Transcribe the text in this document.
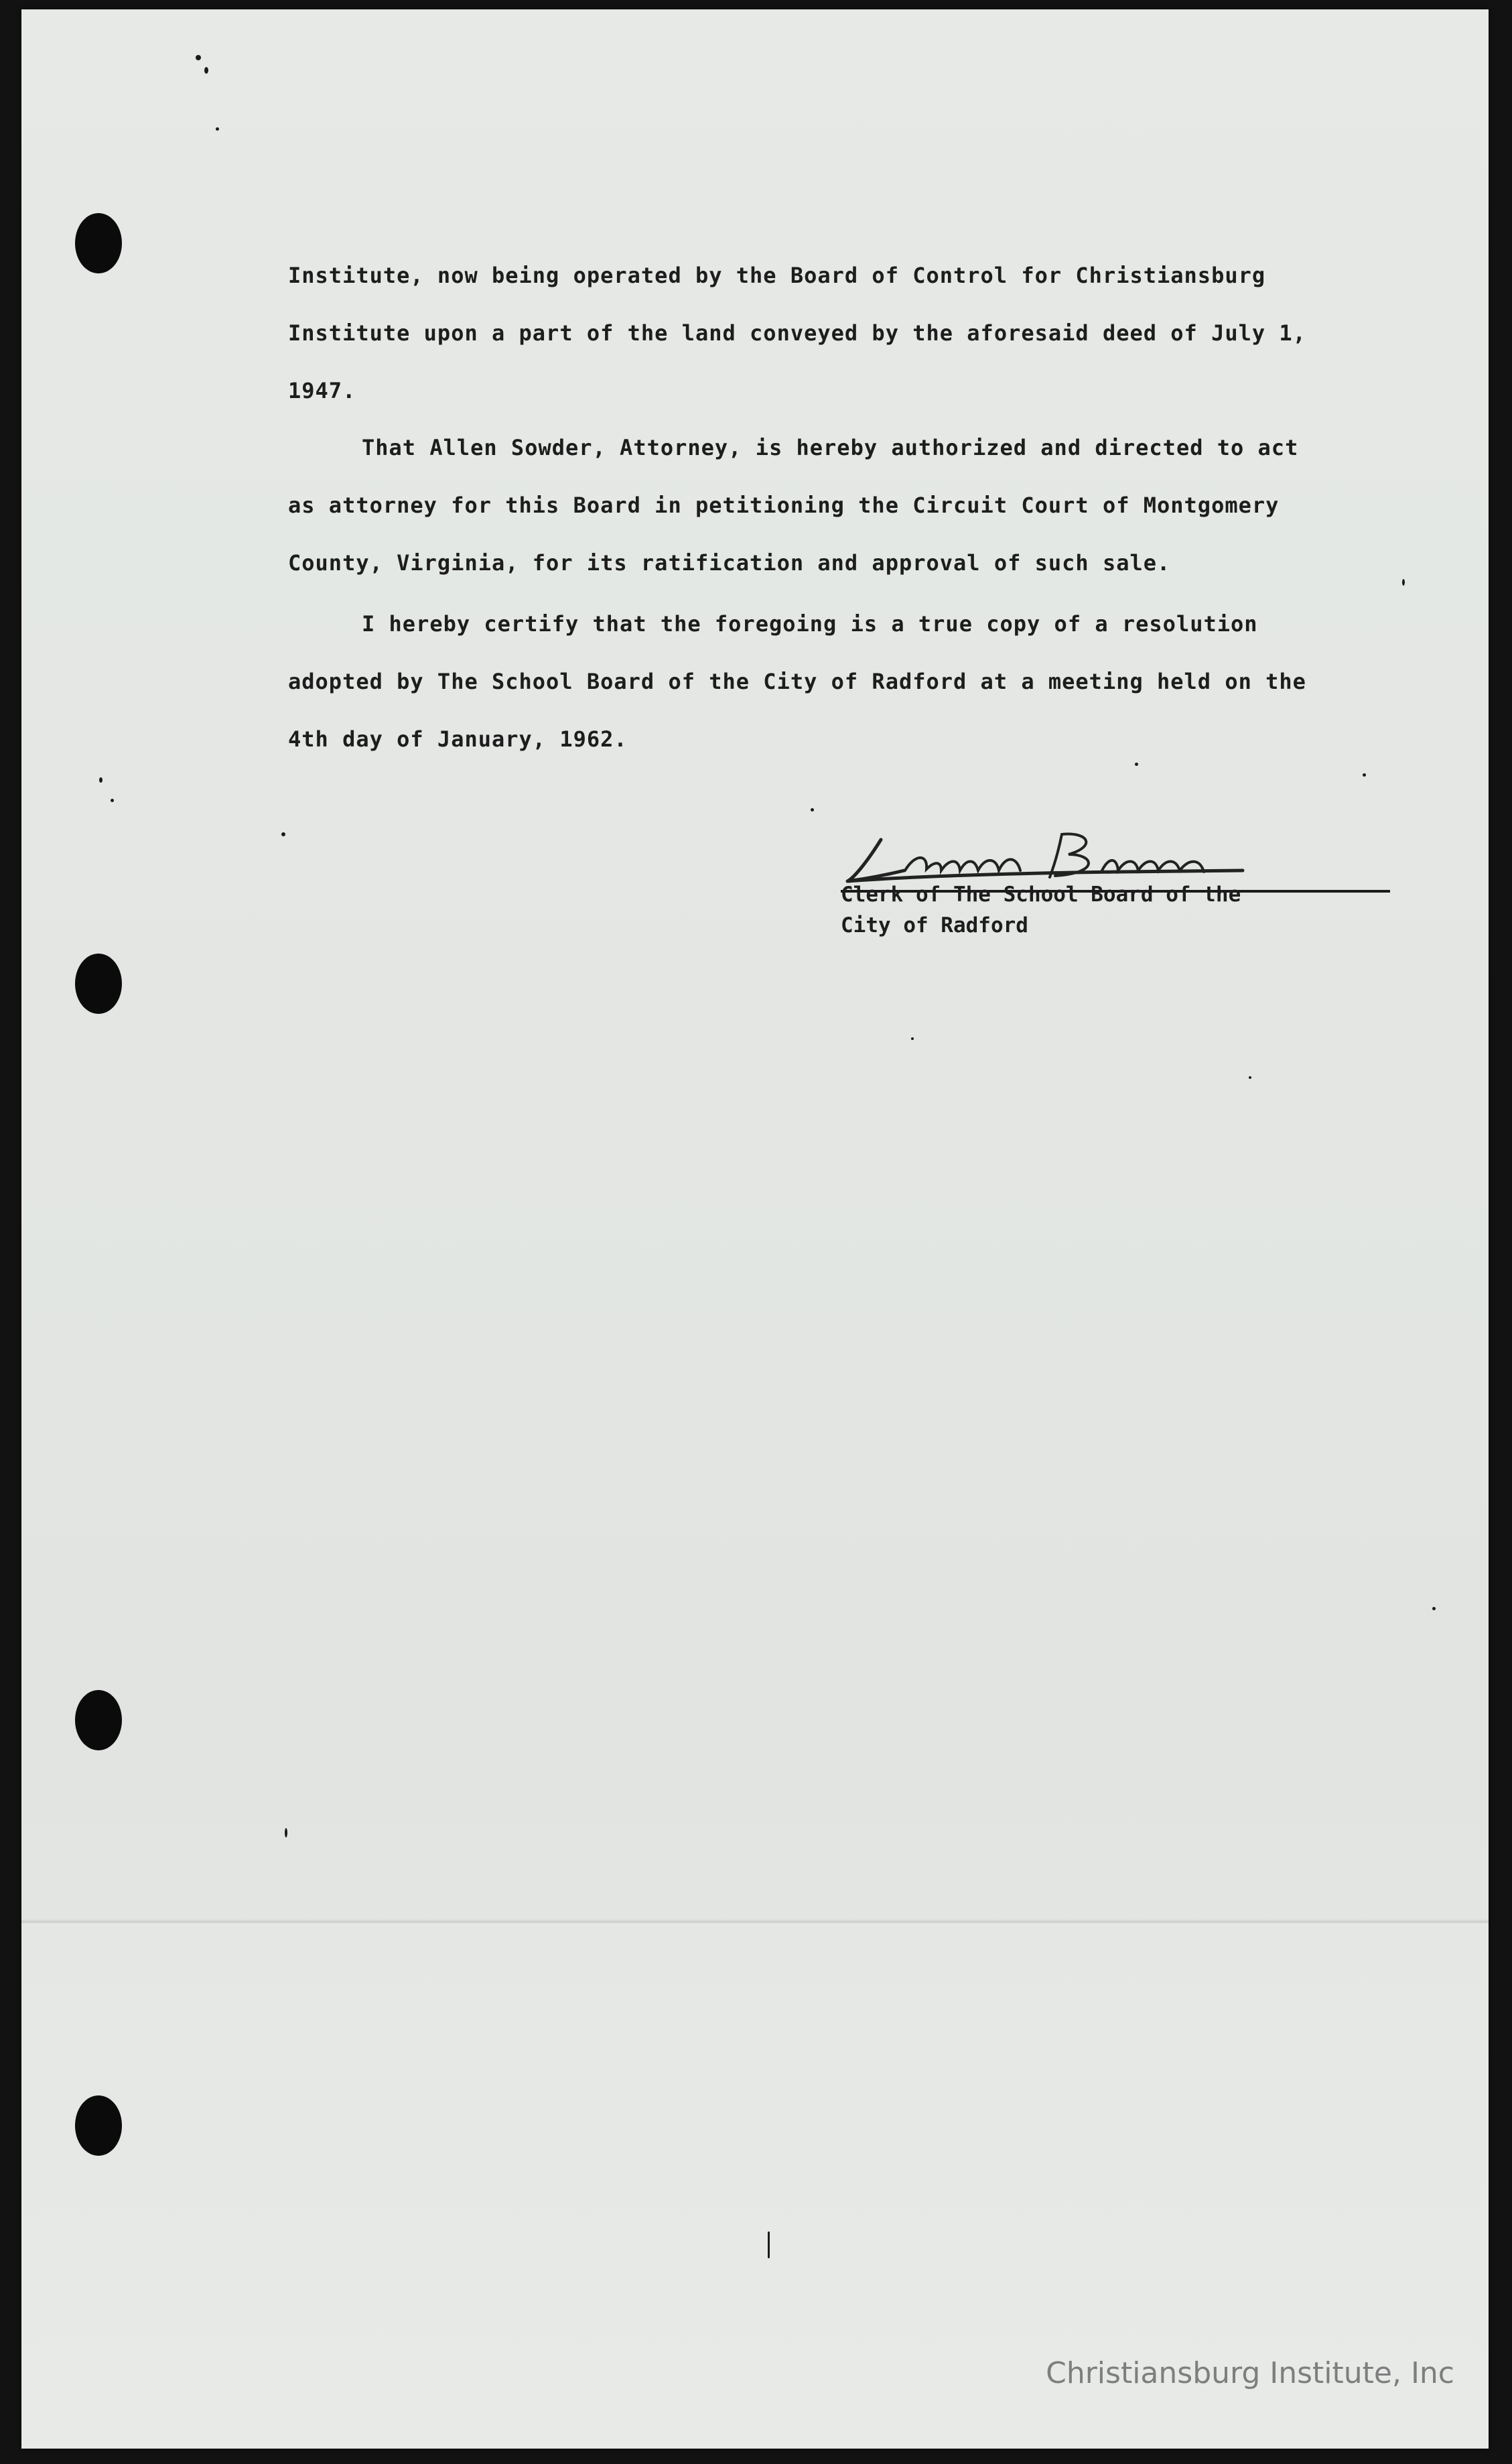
Institute, now being operated by the Board of Control for Christiansburg
Institute upon a part of the land conveyed by the aforesaid deed of July 1,
1947.
That Allen Sowder, Attorney, is hereby authorized and directed to act
as attorney for this Board in petitioning the Circuit Court of Montgomery
County, Virginia, for its ratification and approval of such sale.
I hereby certify that the foregoing is a true copy of a resolution
adopted by The School Board of the City of Radford at a meeting held on the
4th day of January, 1962.
Clerk of The School Board of the
City of Radford
Christiansburg Institute, Inc
